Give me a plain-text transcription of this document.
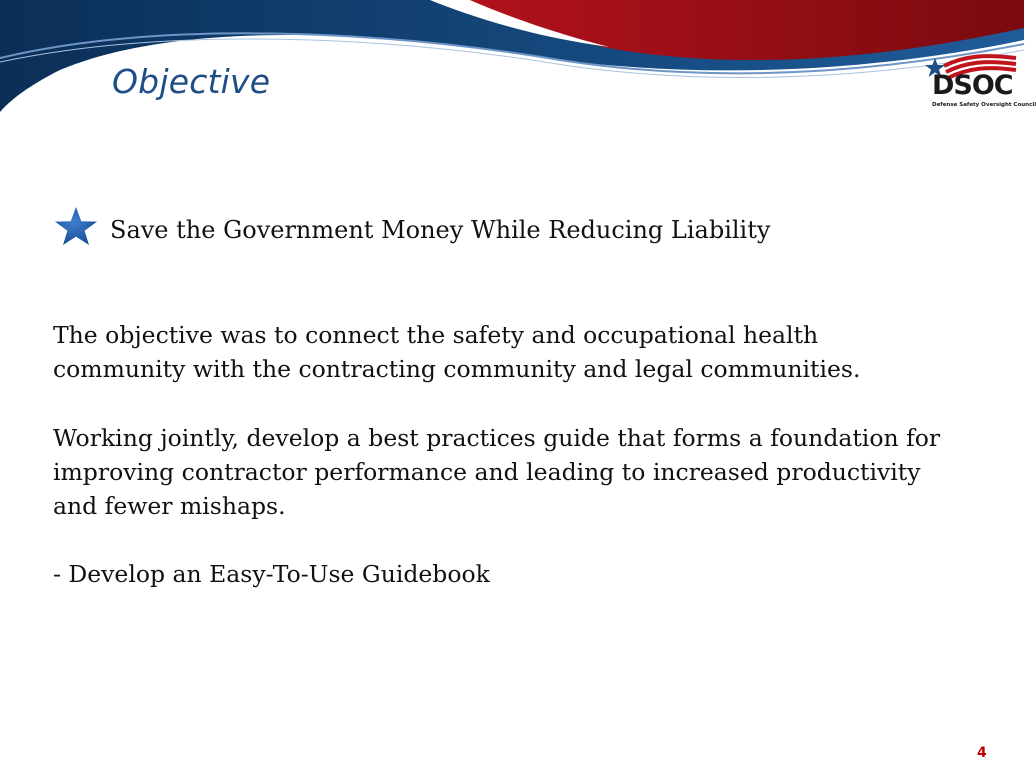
Objective	DSOC
Defense Safety Oversight Council
Save the Government Money While Reducing Liability

The objective was to connect the safety and occupational health
community with the contracting community and legal communities.

Working jointly, develop a best practices guide that forms a foundation for
improving contractor performance and leading to increased productivity
and fewer mishaps.

- Develop an Easy-To-Use Guidebook

4
